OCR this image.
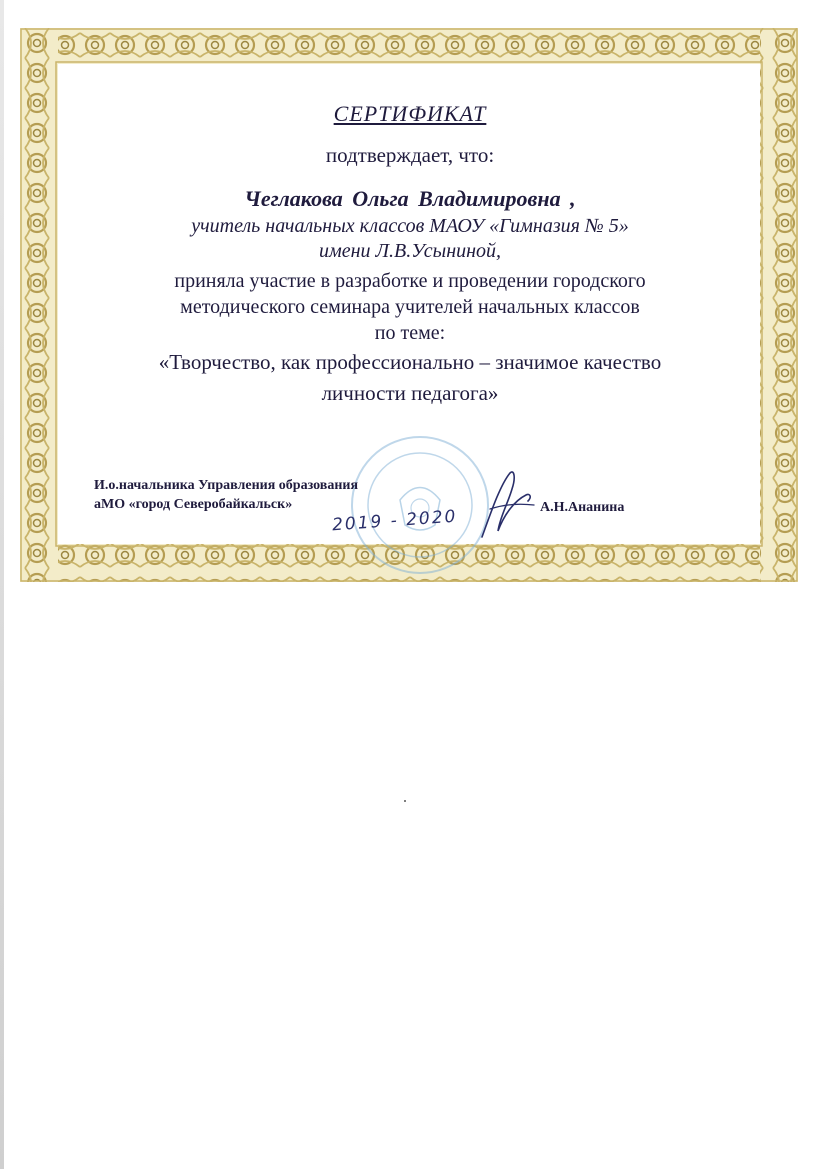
СЕРТИФИКАТ
подтверждает, что:
Чеглакова Ольга Владимировна ,
учитель начальных классов МАОУ «Гимназия № 5»
имени Л.В.Усыниной,
приняла участие в разработке и проведении городского
методического семинара учителей начальных классов
по теме:
«Творчество, как профессионально – значимое качество
личности педагога»
И.о.начальника Управления образования
аМО «город Северобайкальск»
2019 - 2020	А.Н.Ананина
